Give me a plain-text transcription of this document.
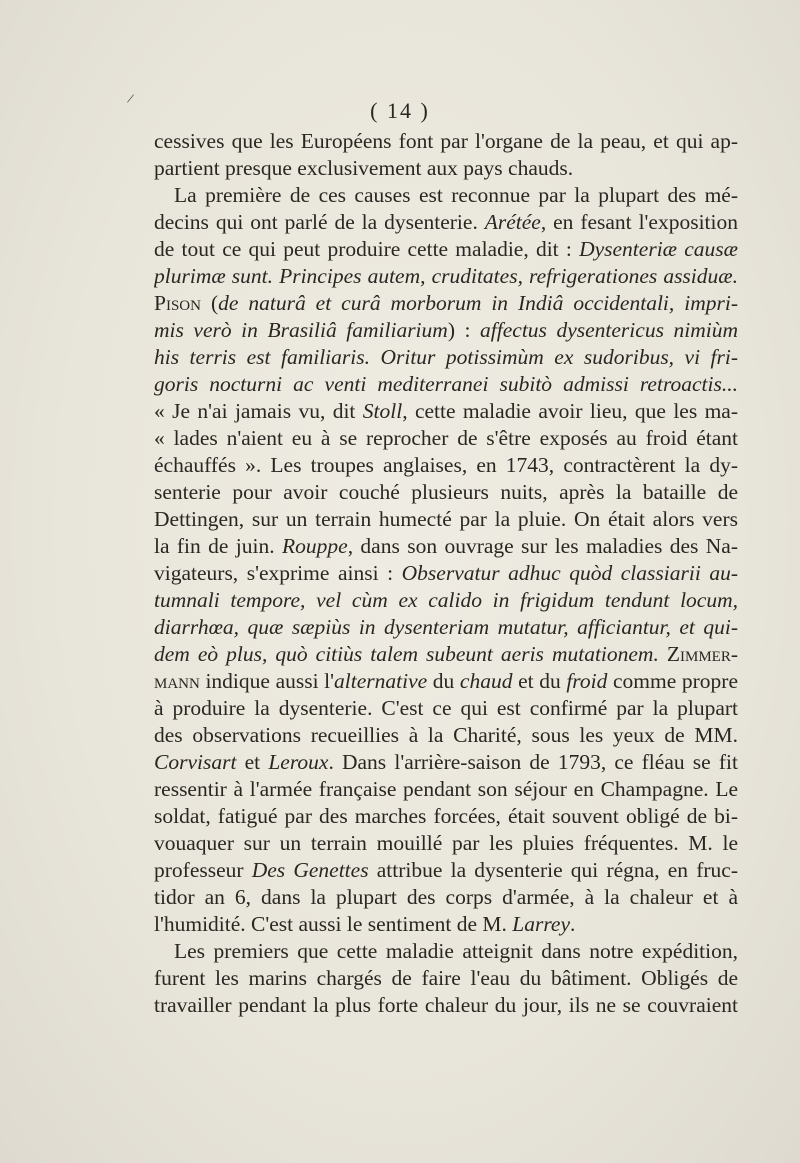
/	( 14 )
cessives que les Européens font par l'organe de la peau, et qui ap-
partient presque exclusivement aux pays chauds.
La première de ces causes est reconnue par la plupart des mé-
decins qui ont parlé de la dysenterie. Arétée, en fesant l'exposition
de tout ce qui peut produire cette maladie, dit : Dysenteriæ causæ
plurimæ sunt. Principes autem, cruditates, refrigerationes assiduæ.
Pison (de naturâ et curâ morborum in Indiâ occidentali, impri-
mis verò in Brasiliâ familiarium) : affectus dysentericus nimiùm
his terris est familiaris. Oritur potissimùm ex sudoribus, vi fri-
goris nocturni ac venti mediterranei subitò admissi retroactis...
« Je n'ai jamais vu, dit Stoll, cette maladie avoir lieu, que les ma-
« lades n'aient eu à se reprocher de s'être exposés au froid étant
échauffés ». Les troupes anglaises, en 1743, contractèrent la dy-
senterie pour avoir couché plusieurs nuits, après la bataille de
Dettingen, sur un terrain humecté par la pluie. On était alors vers
la fin de juin. Rouppe, dans son ouvrage sur les maladies des Na-
vigateurs, s'exprime ainsi : Observatur adhuc quòd classiarii au-
tumnali tempore, vel cùm ex calido in frigidum tendunt locum,
diarrhœa, quæ sæpiùs in dysenteriam mutatur, afficiantur, et qui-
dem eò plus, quò citiùs talem subeunt aeris mutationem. Zimmer-
mann indique aussi l'alternative du chaud et du froid comme propre
à produire la dysenterie. C'est ce qui est confirmé par la plupart
des observations recueillies à la Charité, sous les yeux de MM.
Corvisart et Leroux. Dans l'arrière-saison de 1793, ce fléau se fit
ressentir à l'armée française pendant son séjour en Champagne. Le
soldat, fatigué par des marches forcées, était souvent obligé de bi-
vouaquer sur un terrain mouillé par les pluies fréquentes. M. le
professeur Des Genettes attribue la dysenterie qui régna, en fruc-
tidor an 6, dans la plupart des corps d'armée, à la chaleur et à
l'humidité. C'est aussi le sentiment de M. Larrey.
Les premiers que cette maladie atteignit dans notre expédition,
furent les marins chargés de faire l'eau du bâtiment. Obligés de
travailler pendant la plus forte chaleur du jour, ils ne se couvraient
